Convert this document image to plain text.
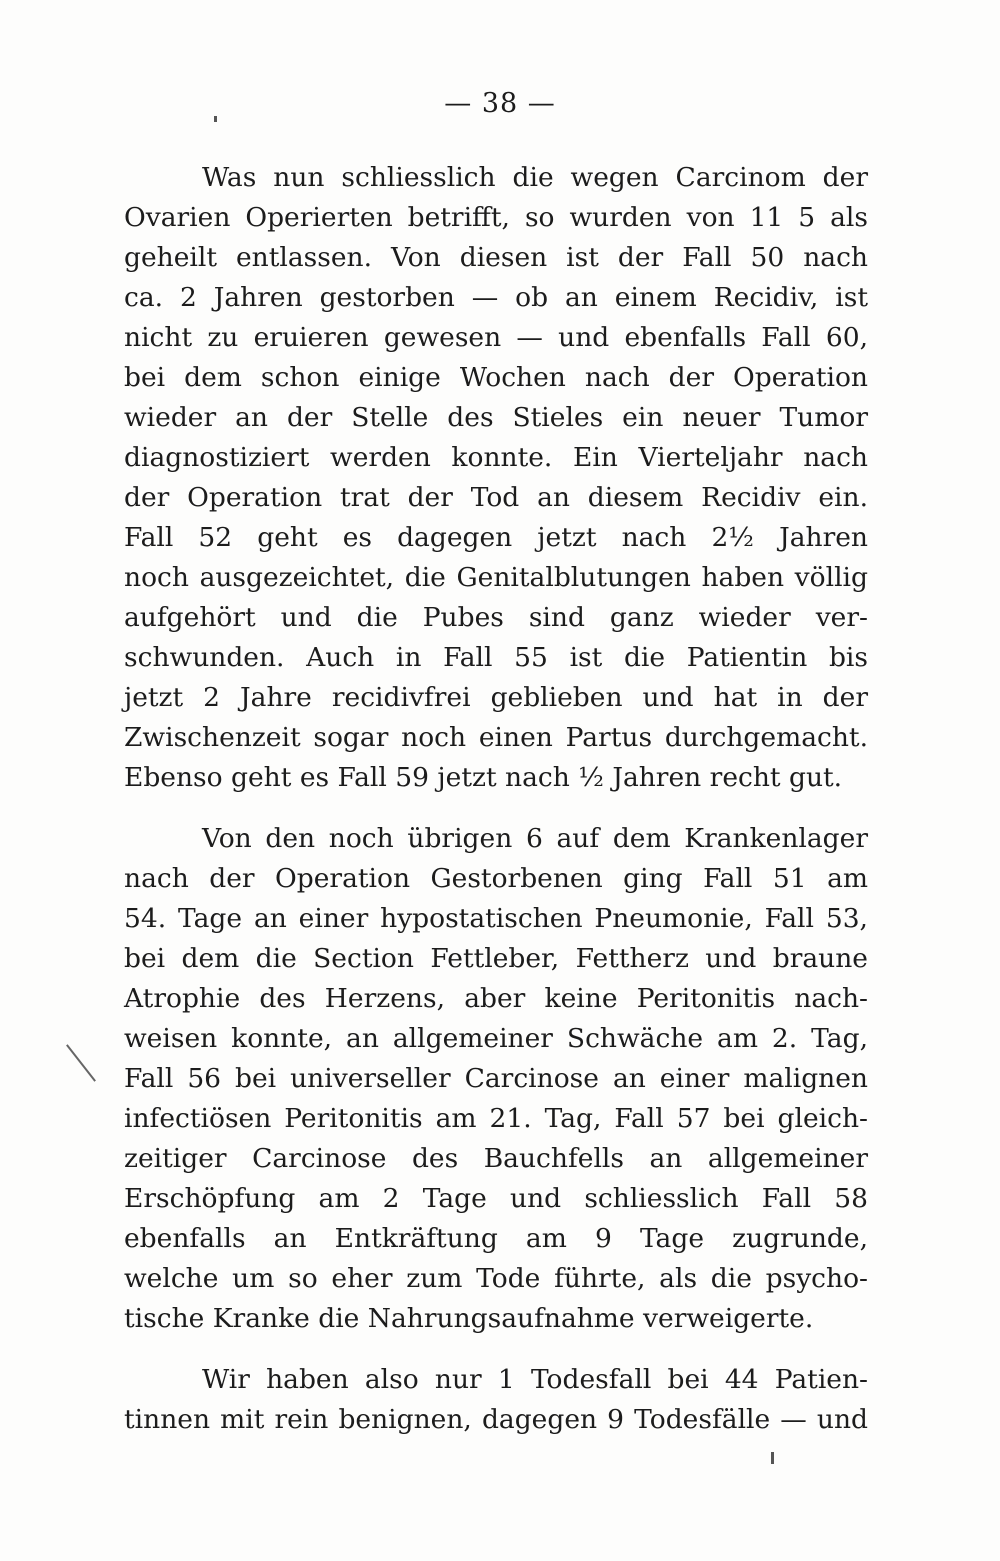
— 38 —
Was nun schliesslich die wegen Carcinom der
Ovarien Operierten betrifft, so wurden von 11 5 als
geheilt entlassen. Von diesen ist der Fall 50 nach
ca. 2 Jahren gestorben — ob an einem Recidiv, ist
nicht zu eruieren gewesen — und ebenfalls Fall 60,
bei dem schon einige Wochen nach der Operation
wieder an der Stelle des Stieles ein neuer Tumor
diagnostiziert werden konnte. Ein Vierteljahr nach
der Operation trat der Tod an diesem Recidiv ein.
Fall 52 geht es dagegen jetzt nach 2½ Jahren
noch ausgezeichtet, die Genitalblutungen haben völlig
aufgehört und die Pubes sind ganz wieder ver-
schwunden. Auch in Fall 55 ist die Patientin bis
jetzt 2 Jahre recidivfrei geblieben und hat in der
Zwischenzeit sogar noch einen Partus durchgemacht.
Ebenso geht es Fall 59 jetzt nach ½ Jahren recht gut.
Von den noch übrigen 6 auf dem Krankenlager
nach der Operation Gestorbenen ging Fall 51 am
54. Tage an einer hypostatischen Pneumonie, Fall 53,
bei dem die Section Fettleber, Fettherz und braune
Atrophie des Herzens, aber keine Peritonitis nach-
weisen konnte, an allgemeiner Schwäche am 2. Tag,
Fall 56 bei universeller Carcinose an einer malignen
infectiösen Peritonitis am 21. Tag, Fall 57 bei gleich-
zeitiger Carcinose des Bauchfells an allgemeiner
Erschöpfung am 2 Tage und schliesslich Fall 58
ebenfalls an Entkräftung am 9 Tage zugrunde,
welche um so eher zum Tode führte, als die psycho-
tische Kranke die Nahrungsaufnahme verweigerte.
Wir haben also nur 1 Todesfall bei 44 Patien-
tinnen mit rein benignen, dagegen 9 Todesfälle — und
